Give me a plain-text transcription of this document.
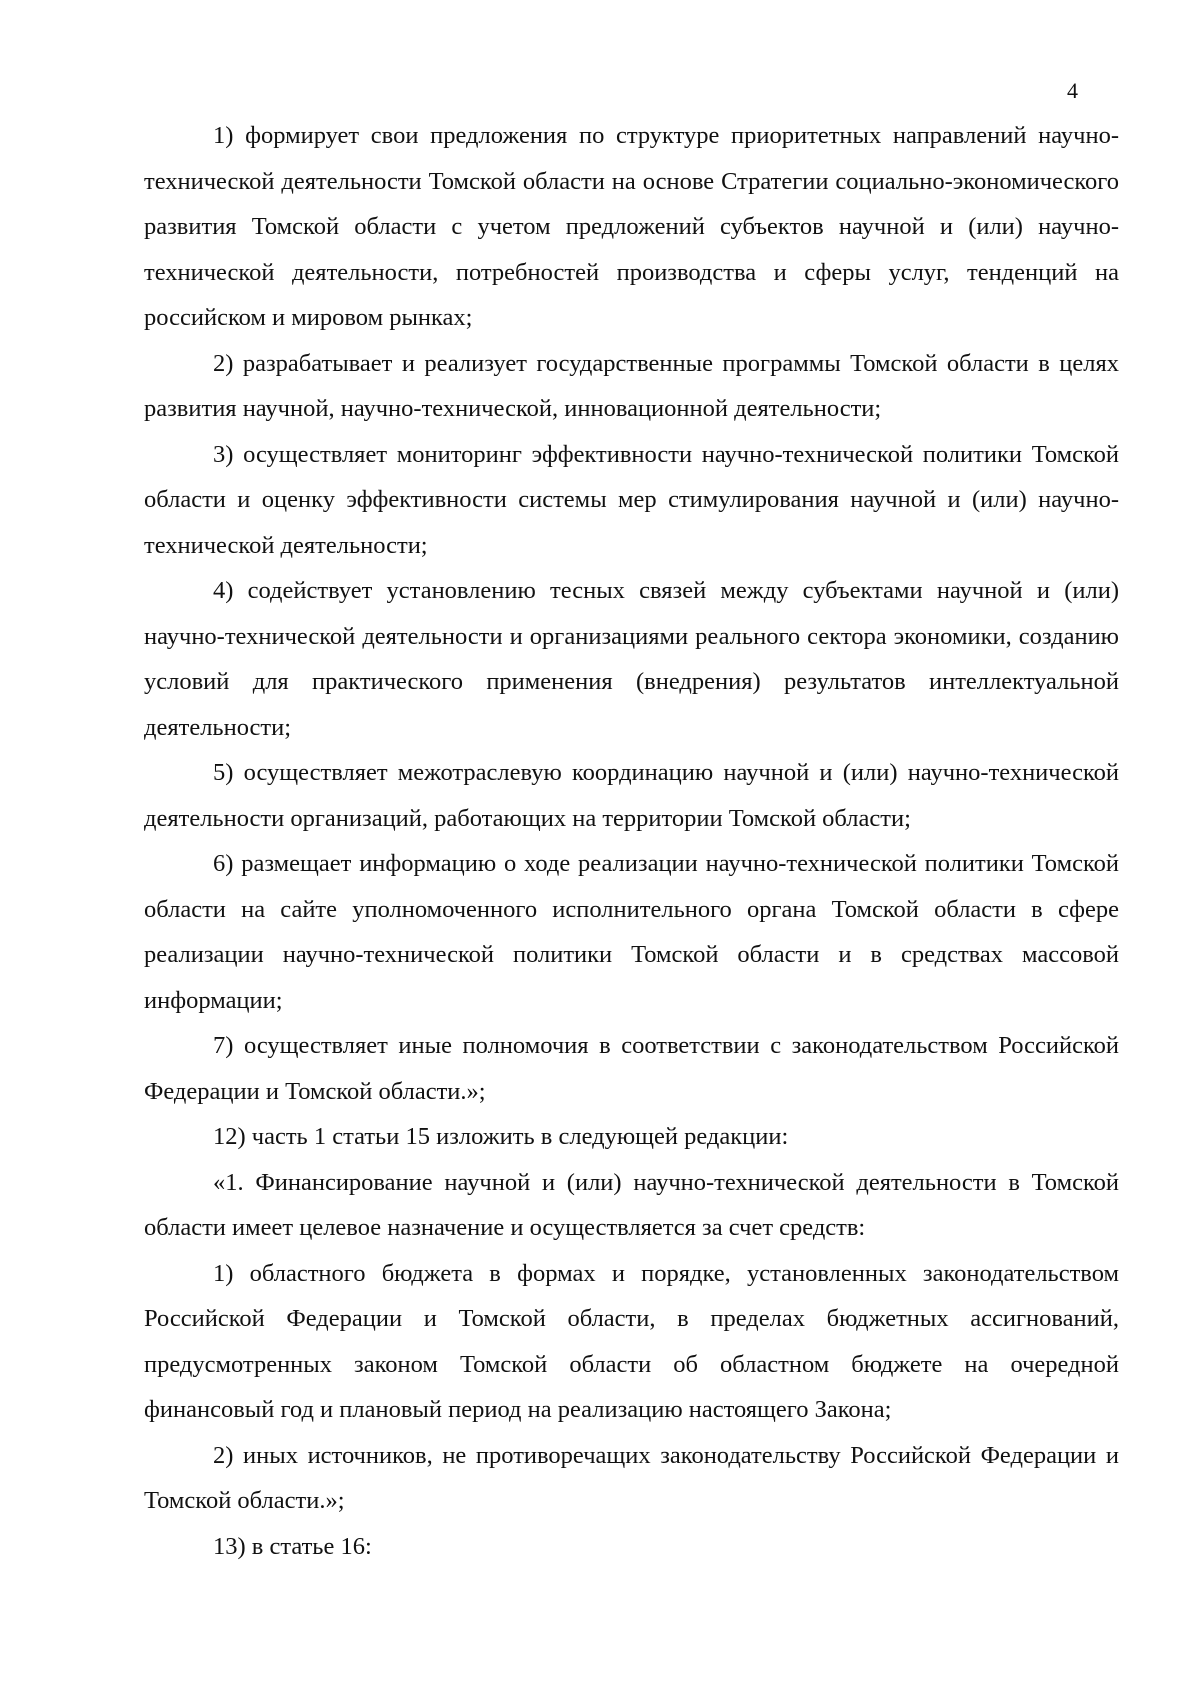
4

1) формирует свои предложения по структуре приоритетных направлений научно-технической деятельности Томской области на основе Стратегии социально-экономического развития Томской области с учетом предложений субъектов научной и (или) научно-технической деятельности, потребностей производства и сферы услуг, тенденций на российском и мировом рынках;

2) разрабатывает и реализует государственные программы Томской области в целях развития научной, научно-технической, инновационной деятельности;

3) осуществляет мониторинг эффективности научно-технической политики Томской области и оценку эффективности системы мер стимулирования научной и (или) научно-технической деятельности;

4) содействует установлению тесных связей между субъектами научной и (или) научно-технической деятельности и организациями реального сектора экономики, созданию условий для практического применения (внедрения) результатов интеллектуальной деятельности;

5) осуществляет межотраслевую координацию научной и (или) научно-технической деятельности организаций, работающих на территории Томской области;

6) размещает информацию о ходе реализации научно-технической политики Томской области на сайте уполномоченного исполнительного органа Томской области в сфере реализации научно-технической политики Томской области и в средствах массовой информации;

7) осуществляет иные полномочия в соответствии с законодательством Российской Федерации и Томской области.»;

12) часть 1 статьи 15 изложить в следующей редакции:

«1. Финансирование научной и (или) научно-технической деятельности в Томской области имеет целевое назначение и осуществляется за счет средств:

1) областного бюджета в формах и порядке, установленных законодательством Российской Федерации и Томской области, в пределах бюджетных ассигнований, предусмотренных законом Томской области об областном бюджете на очередной финансовый год и плановый период на реализацию настоящего Закона;

2) иных источников, не противоречащих законодательству Российской Федерации и Томской области.»;

13) в статье 16:
